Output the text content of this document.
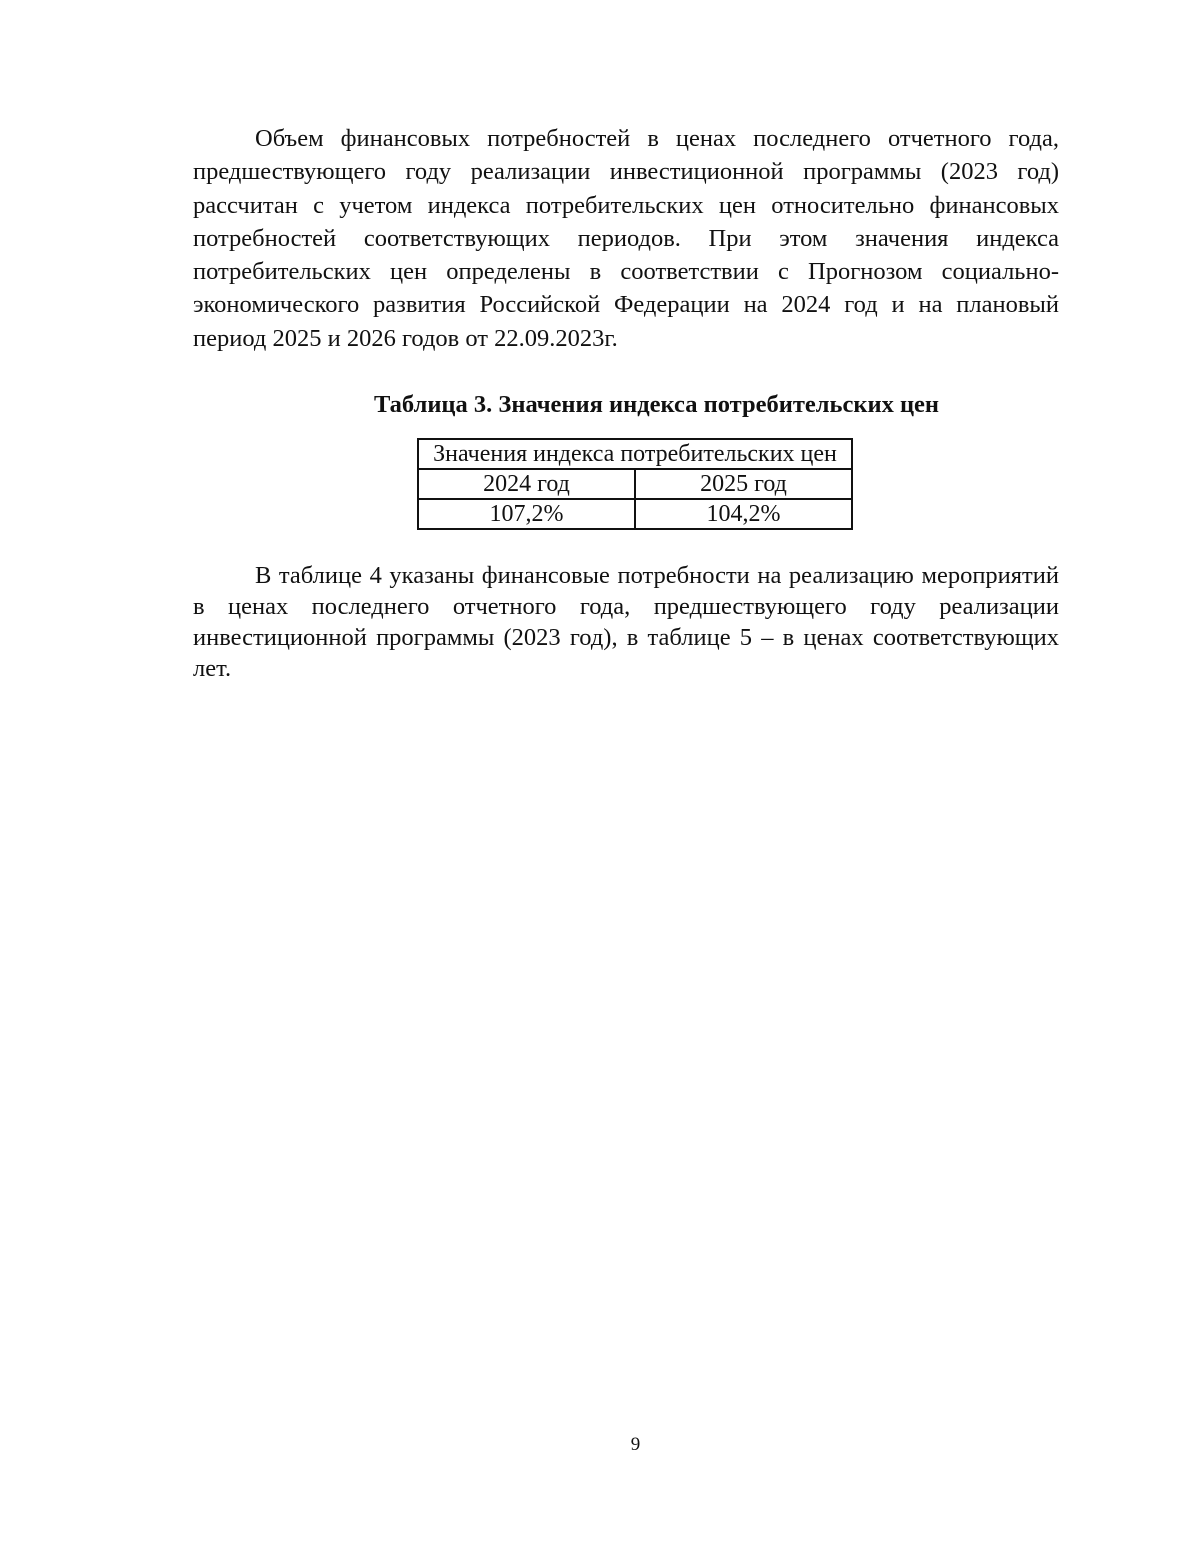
Объем финансовых потребностей в ценах последнего отчетного года, предшествующего году реализации инвестиционной программы (2023 год) рассчитан с учетом индекса потребительских цен относительно финансовых потребностей соответствующих периодов. При этом значения индекса потребительских цен определены в соответствии с Прогнозом социально-экономического развития Российской Федерации на 2024 год и на плановый период 2025 и 2026 годов от 22.09.2023г.

Таблица 3. Значения индекса потребительских цен

Значения индекса потребительских цен	
2024 год	2025 год
107,2%	104,2%

В таблице 4 указаны финансовые потребности на реализацию мероприятий в ценах последнего отчетного года, предшествующего году реализации инвестиционной программы (2023 год), в таблице 5 – в ценах соответствующих лет.

9
